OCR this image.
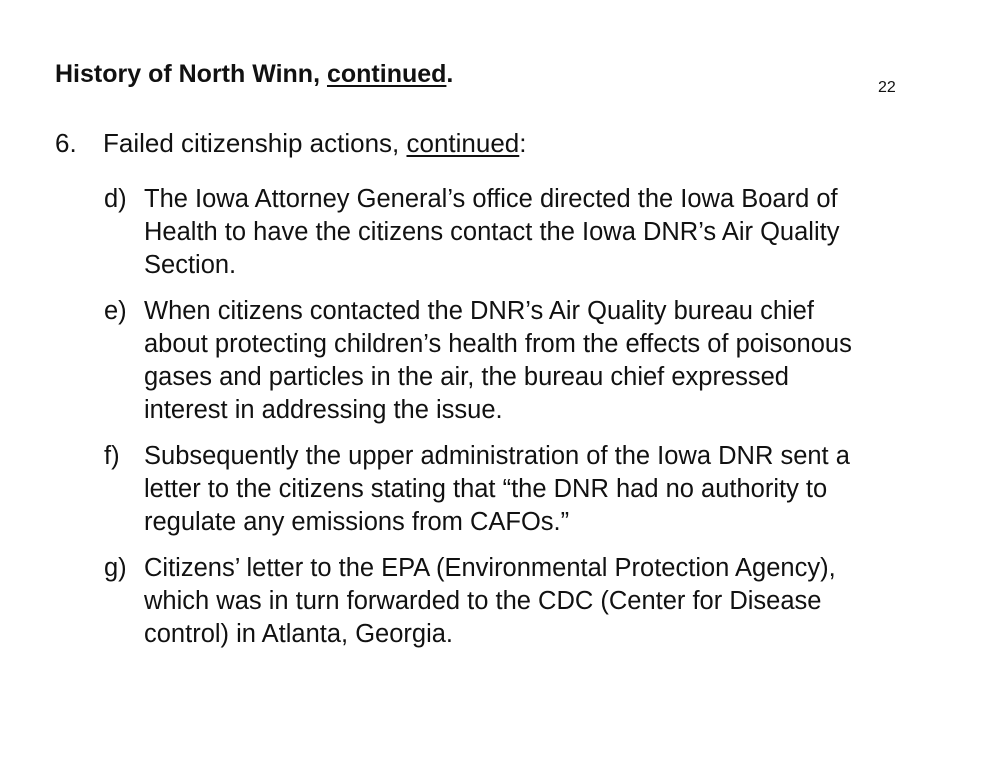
History of North Winn, continued.	22
6. Failed citizenship actions, continued:
d) The Iowa Attorney General’s office directed the Iowa Board of
Health to have the citizens contact the Iowa DNR’s Air Quality
Section.
e) When citizens contacted the DNR’s Air Quality bureau chief
about protecting children’s health from the effects of poisonous
gases and particles in the air, the bureau chief expressed
interest in addressing the issue.
f) Subsequently the upper administration of the Iowa DNR sent a
letter to the citizens stating that “the DNR had no authority to
regulate any emissions from CAFOs.”
g) Citizens’ letter to the EPA (Environmental Protection Agency),
which was in turn forwarded to the CDC (Center for Disease
control) in Atlanta, Georgia.
